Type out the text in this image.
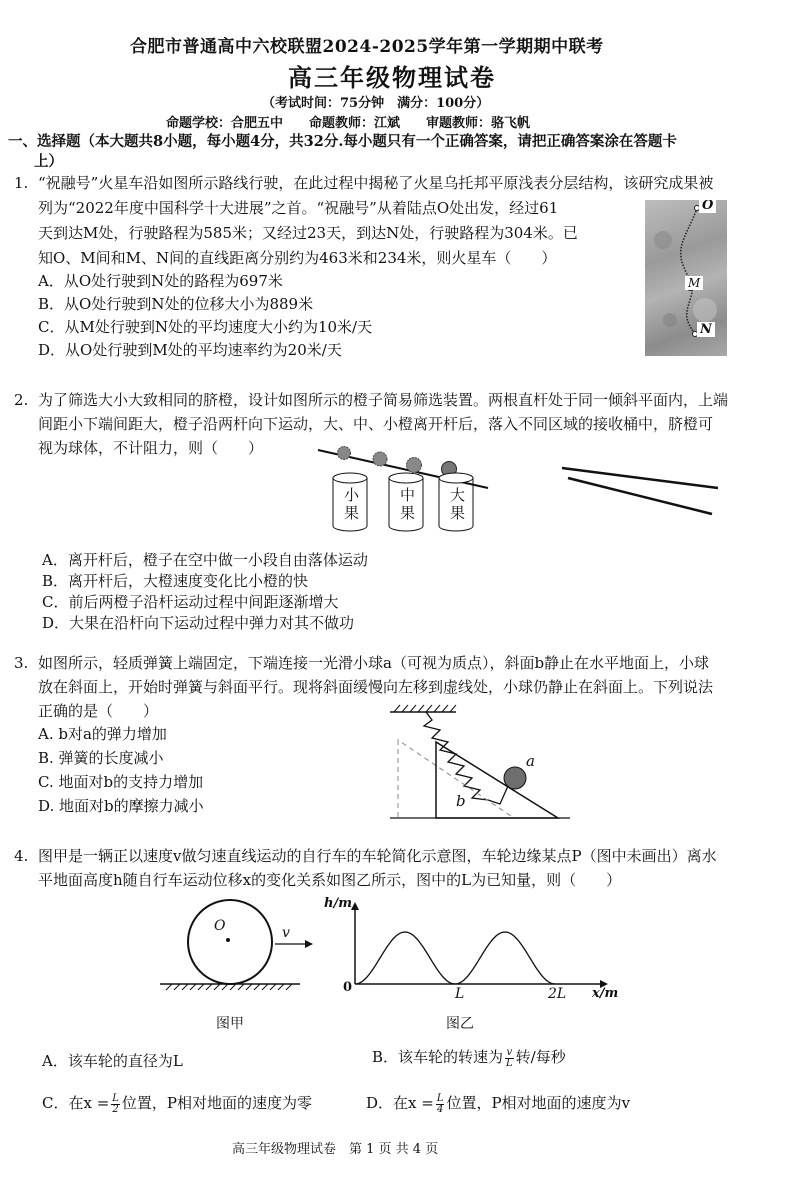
合肥市普通高中六校联盟2024-2025学年第一学期期中联考
高三年级物理试卷
（考试时间：75分钟　满分：100分）
命题学校：合肥五中　　命题教师：江斌　　审题教师：骆飞帆
一、选择题（本大题共8小题，每小题4分，共32分.每小题只有一个正确答案，请把正确答案涂在答题卡
上）
1. “祝融号”火星车沿如图所示路线行驶，在此过程中揭秘了火星乌托邦平原浅表分层结构，该研究成果被
列为“2022年度中国科学十大进展”之首。“祝融号”从着陆点O处出发，经过61
天到达M处，行驶路程为585米；又经过23天，到达N处，行驶路程为304米。已
知O、M间和M、N间的直线距离分别约为463米和234米，则火星车（　　）
A．从O处行驶到N处的路程为697米
B．从O处行驶到N处的位移大小为889米
C．从M处行驶到N处的平均速度大小约为10米/天
D．从O处行驶到M处的平均速率约为20米/天
O
M
N
2. 为了筛选大小大致相同的脐橙，设计如图所示的橙子简易筛选装置。两根直杆处于同一倾斜平面内，上端
间距小下端间距大，橙子沿两杆向下运动，大、中、小橙离开杆后，落入不同区域的接收桶中，脐橙可
视为球体，不计阻力，则（　　）
小果
中果
大果
A．离开杆后，橙子在空中做一小段自由落体运动
B．离开杆后，大橙速度变化比小橙的快
C．前后两橙子沿杆运动过程中间距逐渐增大
D．大果在沿杆向下运动过程中弹力对其不做功
3. 如图所示，轻质弹簧上端固定，下端连接一光滑小球a（可视为质点），斜面b静止在水平地面上，小球
放在斜面上，开始时弹簧与斜面平行。现将斜面缓慢向左移到虚线处，小球仍静止在斜面上。下列说法
正确的是（　　）
A. b对a的弹力增加
B. 弹簧的长度减小
C. 地面对b的支持力增加
D. 地面对b的摩擦力减小
a
b
4. 图甲是一辆正以速度v做匀速直线运动的自行车的车轮简化示意图，车轮边缘某点P（图中未画出）离水
平地面高度h随自行车运动位移x的变化关系如图乙所示，图中的L为已知量，则（　　）
O	v
图甲
h/m
0	L	2L x/m
图乙
A．该车轮的直径为L	B．该车轮的转速为 $\frac{v}{L}$ 转/每秒
C．在$x = \frac{L}{2}$ 位置，P相对地面的速度为零	D．在$x = \frac{L}{4}$ 位置，P相对地面的速度为v
高三年级物理试卷　第 1 页 共 4 页
